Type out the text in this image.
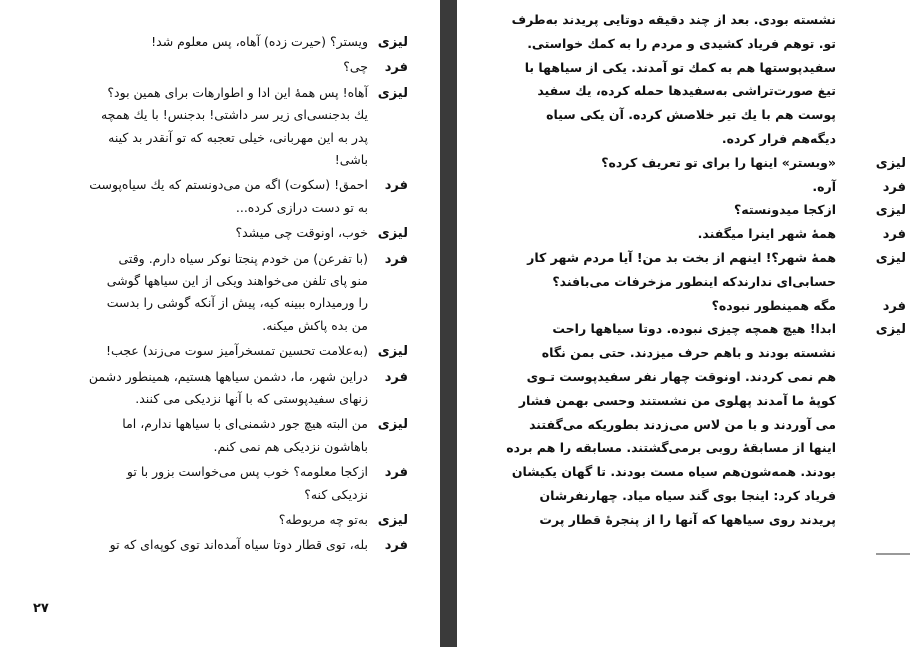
لیزی
ویستر؟ (حیرت زده) آهاه، پس معلوم شد!
فرد
چی؟
لیزی
آهاه! پس همهٔ این ادا و اطوارهات برای همین بود؟
یك بدجنسی‌ای زیر سر داشتی! بدجنس! با یك همچه
پدر به این مهربانی، خیلی تعجبه که تو آنقدر بد کینه
باشی!
فرد
احمق! (سکوت) اگه من می‌دونستم که یك سیاه‌پوست
به تو دست درازی کرده...
لیزی
خوب، اونوقت چی میشد؟
فرد
(با تفرعن) من خودم پنجتا نوکر سیاه دارم. وقتی
منو پای تلفن می‌خواهند ویکی از این سیاهها گوشی
را ورمیداره ببینه کیه، پیش از آنکه گوشی را بدست
من بده پاکش میکنه.
لیزی
(به‌علامت تحسین تمسخرآمیز سوت می‌زند) عجب!
فرد
دراین شهر، ما، دشمن سیاهها هستیم، همینطور دشمن
زنهای سفیدپوستی که با آنها نزدیکی می کنند.
لیزی
من البته هیچ جور دشمنی‌ای با سیاهها ندارم، اما
باهاشون نزدیکی هم نمی کنم.
فرد
ازکجا معلومه؟ خوب پس می‌خواست بزور با تو
نزدیکی کنه؟
لیزی
به‌تو چه مربوطه؟
فرد
بله، توی قطار دوتا سیاه آمده‌اند توی کوپه‌ای که تو
۲۷
نشسته بودی. بعد از چند دقیقه دوتایی پریدند به‌طرف
تو. توهم فریاد کشیدی و مردم را به کمك خواستی.
سفیدپوستها هم به کمك تو آمدند. یکی از سیاهها با
تیغ صورت‌تراشی به‌سفیدها حمله کرده، یك سفید
پوست هم با یك تیر خلاصش کرده. آن یکی سیاه
دیگه‌هم فرار کرده.
لیزی
«وبستر» اینها را برای تو تعریف کرده؟
فرد
آره.
لیزی
ازکجا میدونسته؟
فرد
همهٔ شهر اینرا میگفند.
لیزی
همهٔ شهر؟! اینهم از بخت بد من! آیا مردم شهر کار
حسابی‌ای ندارندکه اینطور مزخرفات می‌بافند؟
فرد
مگه همینطور نبوده؟
لیزی
ابدا! هیچ همچه چیزی نبوده. دوتا سیاهها راحت
نشسته بودند و باهم حرف میزدند. حتی بمن نگاه
هم نمی کردند. اونوقت چهار نفر سفیدپوست تـوی
کوپهٔ ما آمدند پهلوی من نشستند وحسی بهمن فشار
می آوردند و با من لاس می‌زدند بطوریکه می‌گفتند
اینها از مسابقهٔ روبی برمی‌گشتند. مسابقه را هم برده
بودند. همه‌شون‌هم سیاه مست بودند. تا گهان یکیشان
فریاد کرد: اینجا بوی گند سیاه میاد. چهارنفرشان
پریدند روی سیاهها که آنها را از پنجرهٔ قطار پرت
